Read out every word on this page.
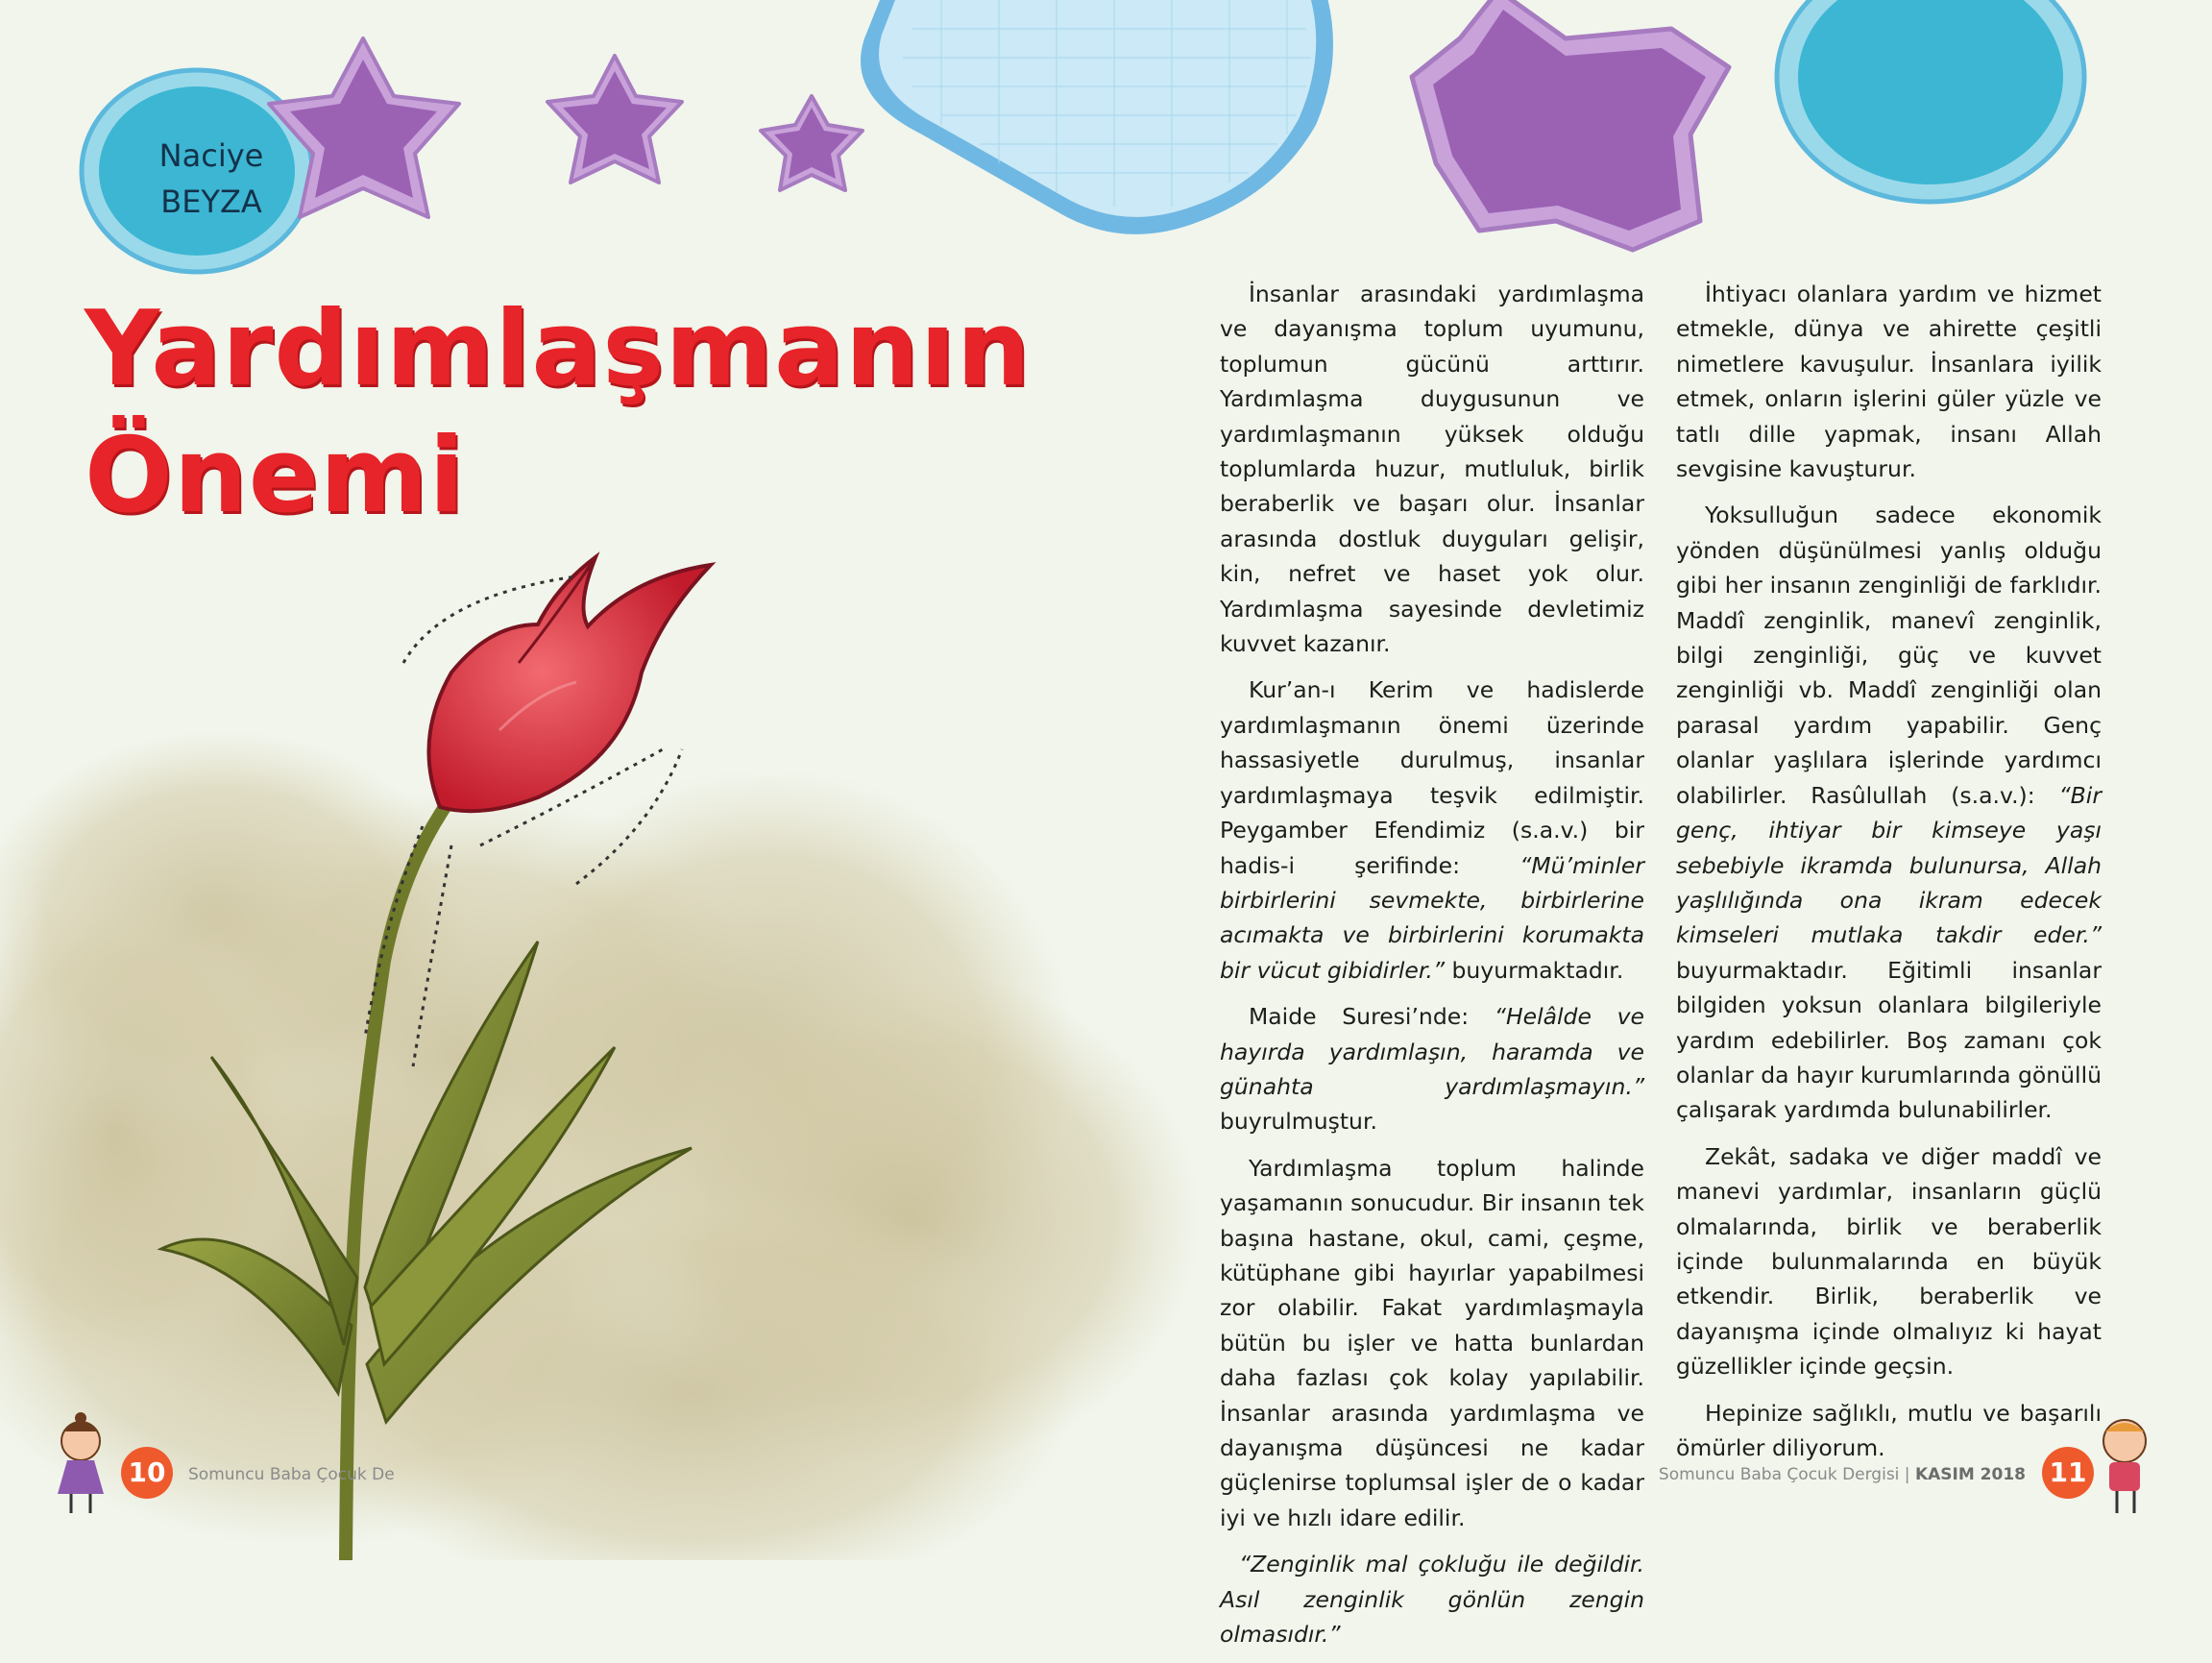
Naciye
BEYZA
Yardımlaşmanın
Önemi

İnsanlar arasındaki yardımlaşma ve dayanışma toplum uyumunu, toplumun gücünü arttırır. Yardımlaşma duygusunun ve yardımlaşmanın yüksek olduğu toplumlarda huzur, mutluluk, birlik beraberlik ve başarı olur. İnsanlar arasında dostluk duyguları gelişir, kin, nefret ve haset yok olur. Yardımlaşma sayesinde devletimiz kuvvet kazanır.

Kur’an-ı Kerim ve hadislerde yardımlaşmanın önemi üzerinde hassasiyetle durulmuş, insanlar yardımlaşmaya teşvik edilmiştir. Peygamber Efendimiz (s.a.v.) bir hadis-i şerifinde: “Mü’minler birbirlerini sevmekte, birbirlerine acımakta ve birbirlerini korumakta bir vücut gibidirler.” buyurmaktadır.

Maide Suresi’nde: “Helâlde ve hayırda yardımlaşın, haramda ve günahta yardımlaşmayın.” buyrulmuştur.

Yardımlaşma toplum halinde yaşamanın sonucudur. Bir insanın tek başına hastane, okul, cami, çeşme, kütüphane gibi hayırlar yapabilmesi zor olabilir. Fakat yardımlaşmayla bütün bu işler ve hatta bunlardan daha fazlası çok kolay yapılabilir. İnsanlar arasında yardımlaşma ve dayanışma düşüncesi ne kadar güçlenirse toplumsal işler de o kadar iyi ve hızlı idare edilir.

“Zenginlik mal çokluğu ile değildir. Asıl zenginlik gönlün zengin olmasıdır.”

İhtiyacı olanlara yardım ve hizmet etmekle, dünya ve ahirette çeşitli nimetlere kavuşulur. İnsanlara iyilik etmek, onların işlerini güler yüzle ve tatlı dille yapmak, insanı Allah sevgisine kavuşturur.

Yoksulluğun sadece ekonomik yönden düşünülmesi yanlış olduğu gibi her insanın zenginliği de farklıdır. Maddî zenginlik, manevî zenginlik, bilgi zenginliği, güç ve kuvvet zenginliği vb. Maddî zenginliği olan parasal yardım yapabilir. Genç olanlar yaşlılara işlerinde yardımcı olabilirler. Rasûlullah (s.a.v.): “Bir genç, ihtiyar bir kimseye yaşı sebebiyle ikramda bulunursa, Allah yaşlılığında ona ikram edecek kimseleri mutlaka takdir eder.” buyurmaktadır. Eğitimli insanlar bilgiden yoksun olanlara bilgileriyle yardım edebilirler. Boş zamanı çok olanlar da hayır kurumlarında gönüllü çalışarak yardımda bulunabilirler.

Zekât, sadaka ve diğer maddî ve manevi yardımlar, insanların güçlü olmalarında, birlik ve beraberlik içinde bulunmalarında en büyük etkendir. Birlik, beraberlik ve dayanışma içinde olmalıyız ki hayat güzellikler içinde geçsin.

Hepinize sağlıklı, mutlu ve başarılı ömürler diliyorum.

10	Somuncu Baba Çocuk De	Somuncu Baba Çocuk Dergisi | KASIM 2018 11
